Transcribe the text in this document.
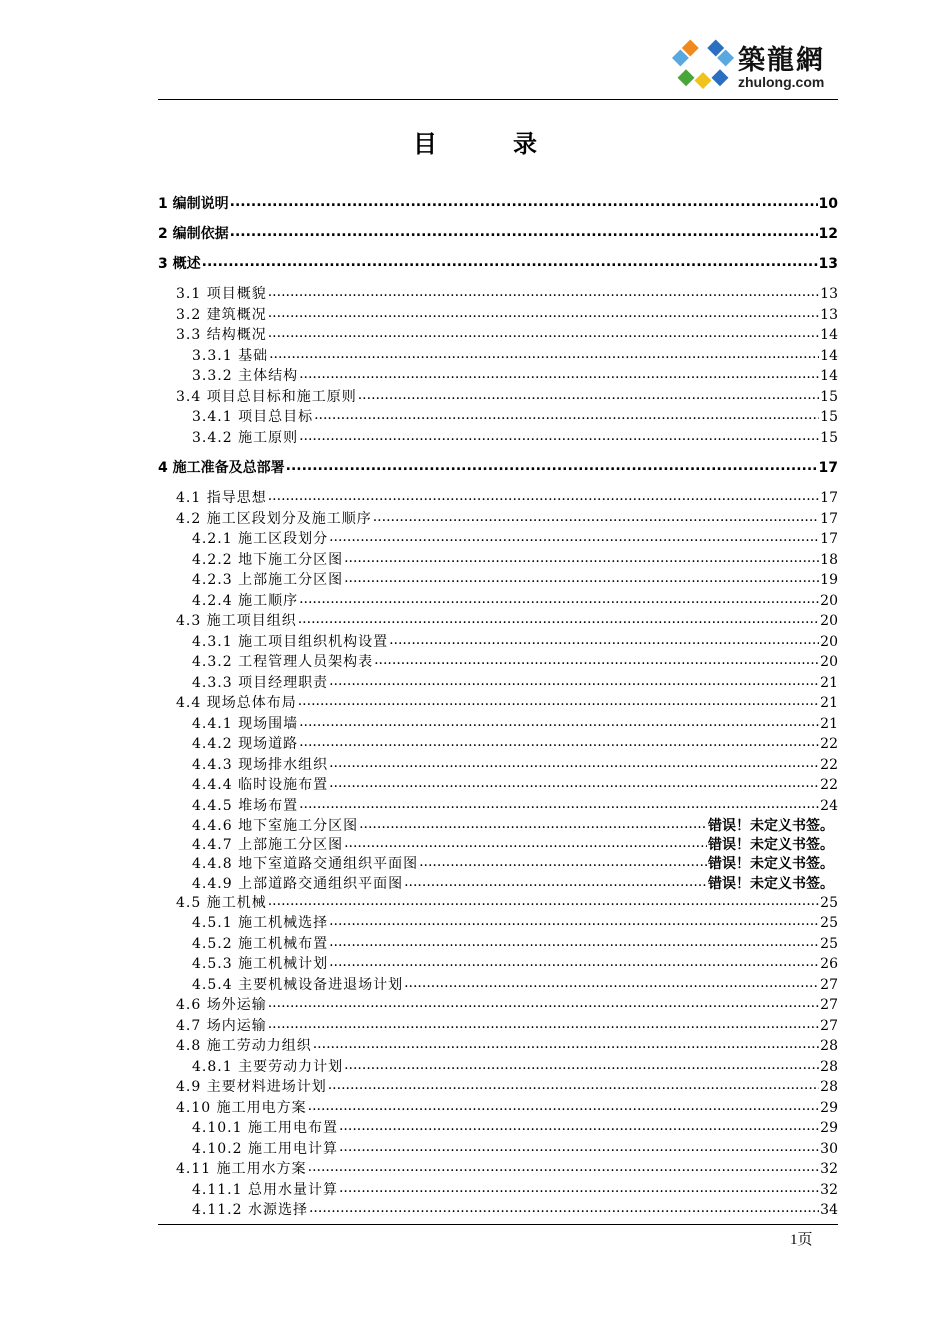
築龍網
zhulong.com
目	录
1 编制说明 .....	10
2 编制依据 .....	12
3 概述 .....	13
3.1 项目概貌 .....	13
3.2 建筑概况 .....	13
3.3 结构概况 .....	14
3.3.1 基础 .....	14
3.3.2 主体结构 .....	14
3.4 项目总目标和施工原则 .....	15
3.4.1 项目总目标 .....	15
3.4.2 施工原则 .....	15
4 施工准备及总部署 .....	17
4.1 指导思想 .....	17
4.2 施工区段划分及施工顺序 .....	17
4.2.1 施工区段划分 .....	17
4.2.2 地下施工分区图 .....	18
4.2.3 上部施工分区图 .....	19
4.2.4 施工顺序 .....	20
4.3 施工项目组织 .....	20
4.3.1 施工项目组织机构设置 .....	20
4.3.2 工程管理人员架构表 .....	20
4.3.3 项目经理职责 .....	21
4.4 现场总体布局 .....	21
4.4.1 现场围墙 .....	21
4.4.2 现场道路 .....	22
4.4.3 现场排水组织 .....	22
4.4.4 临时设施布置 .....	22
4.4.5 堆场布置 .....	24
4.4.6 地下室施工分区图 .....	错误！未定义书签。
4.4.7 上部施工分区图 .....	错误！未定义书签。
4.4.8 地下室道路交通组织平面图 .....	错误！未定义书签。
4.4.9 上部道路交通组织平面图 .....	错误！未定义书签。
4.5 施工机械 .....	25
4.5.1 施工机械选择 .....	25
4.5.2 施工机械布置 .....	25
4.5.3 施工机械计划 .....	26
4.5.4 主要机械设备进退场计划 .....	27
4.6 场外运输 .....	27
4.7 场内运输 .....	27
4.8 施工劳动力组织 .....	28
4.8.1 主要劳动力计划 .....	28
4.9 主要材料进场计划 .....	28
4.10 施工用电方案 .....	29
4.10.1 施工用电布置 .....	29
4.10.2 施工用电计算 .....	30
4.11 施工用水方案 .....	32
4.11.1 总用水量计算 .....	32
4.11.2 水源选择 .....	34
1页
